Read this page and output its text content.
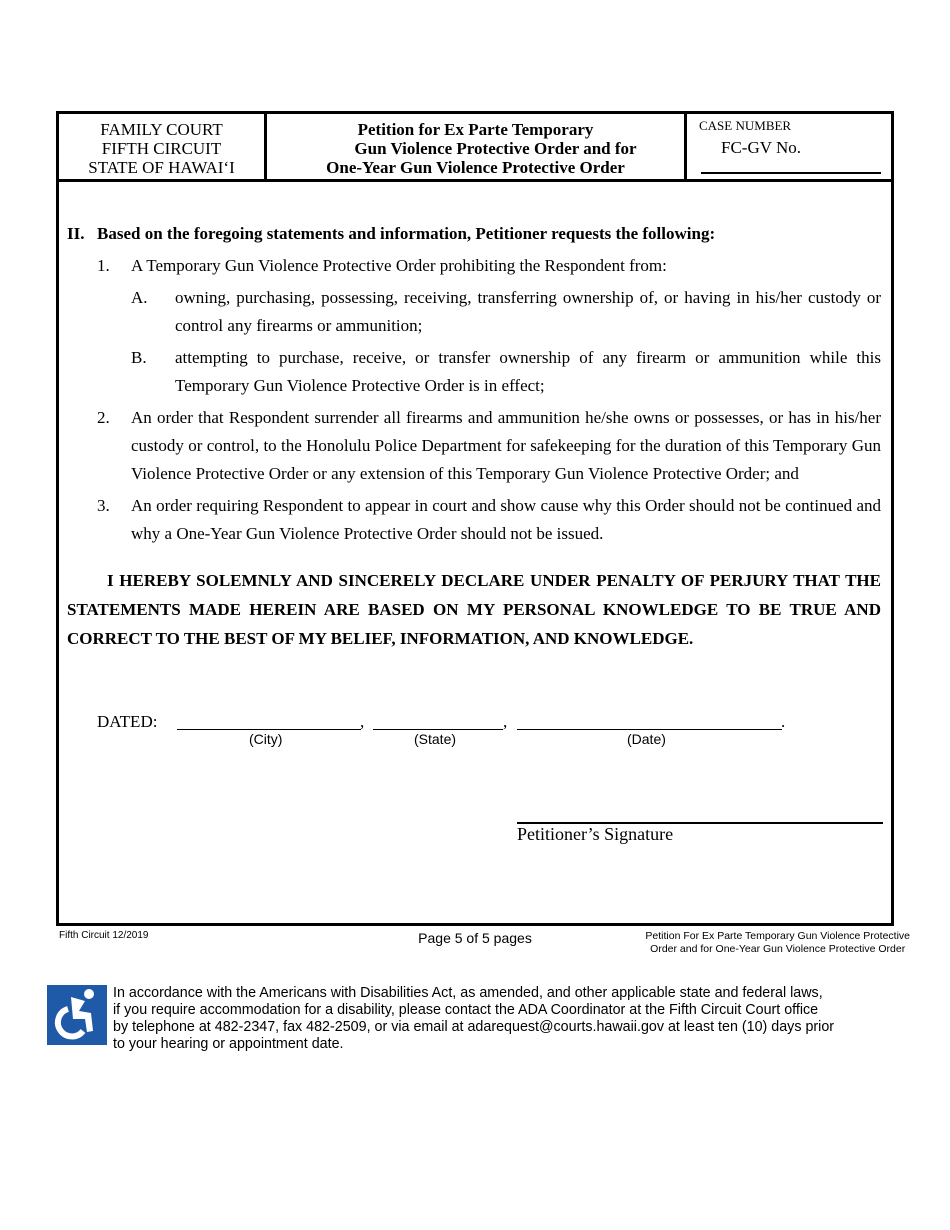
FAMILY COURT
FIFTH CIRCUIT
STATE OF HAWAI‘I
Petition for Ex Parte Temporary
Gun Violence Protective Order and for
One-Year Gun Violence Protective Order
CASE NUMBER
FC-GV No.
II. Based on the foregoing statements and information, Petitioner requests the following:
1. A Temporary Gun Violence Protective Order prohibiting the Respondent from:
A. owning, purchasing, possessing, receiving, transferring ownership of, or having in his/her custody or control any firearms or ammunition;
B. attempting to purchase, receive, or transfer ownership of any firearm or ammunition while this Temporary Gun Violence Protective Order is in effect;
2. An order that Respondent surrender all firearms and ammunition he/she owns or possesses, or has in his/her custody or control, to the Honolulu Police Department for safekeeping for the duration of this Temporary Gun Violence Protective Order or any extension of this Temporary Gun Violence Protective Order; and
3. An order requiring Respondent to appear in court and show cause why this Order should not be continued and why a One-Year Gun Violence Protective Order should not be issued.
I HEREBY SOLEMNLY AND SINCERELY DECLARE UNDER PENALTY OF PERJURY THAT THE STATEMENTS MADE HEREIN ARE BASED ON MY PERSONAL KNOWLEDGE TO BE TRUE AND CORRECT TO THE BEST OF MY BELIEF, INFORMATION, AND KNOWLEDGE.
DATED:	,
(City)
,
(State)
.
(Date)
Petitioner’s Signature
Fifth Circuit 12/2019	Page 5 of 5 pages	Petition For Ex Parte Temporary Gun Violence Protective
Order and for One-Year Gun Violence Protective Order
In accordance with the Americans with Disabilities Act, as amended, and other applicable state and federal laws,
if you require accommodation for a disability, please contact the ADA Coordinator at the Fifth Circuit Court office
by telephone at 482-2347, fax 482-2509, or via email at adarequest@courts.hawaii.gov at least ten (10) days prior
to your hearing or appointment date.
